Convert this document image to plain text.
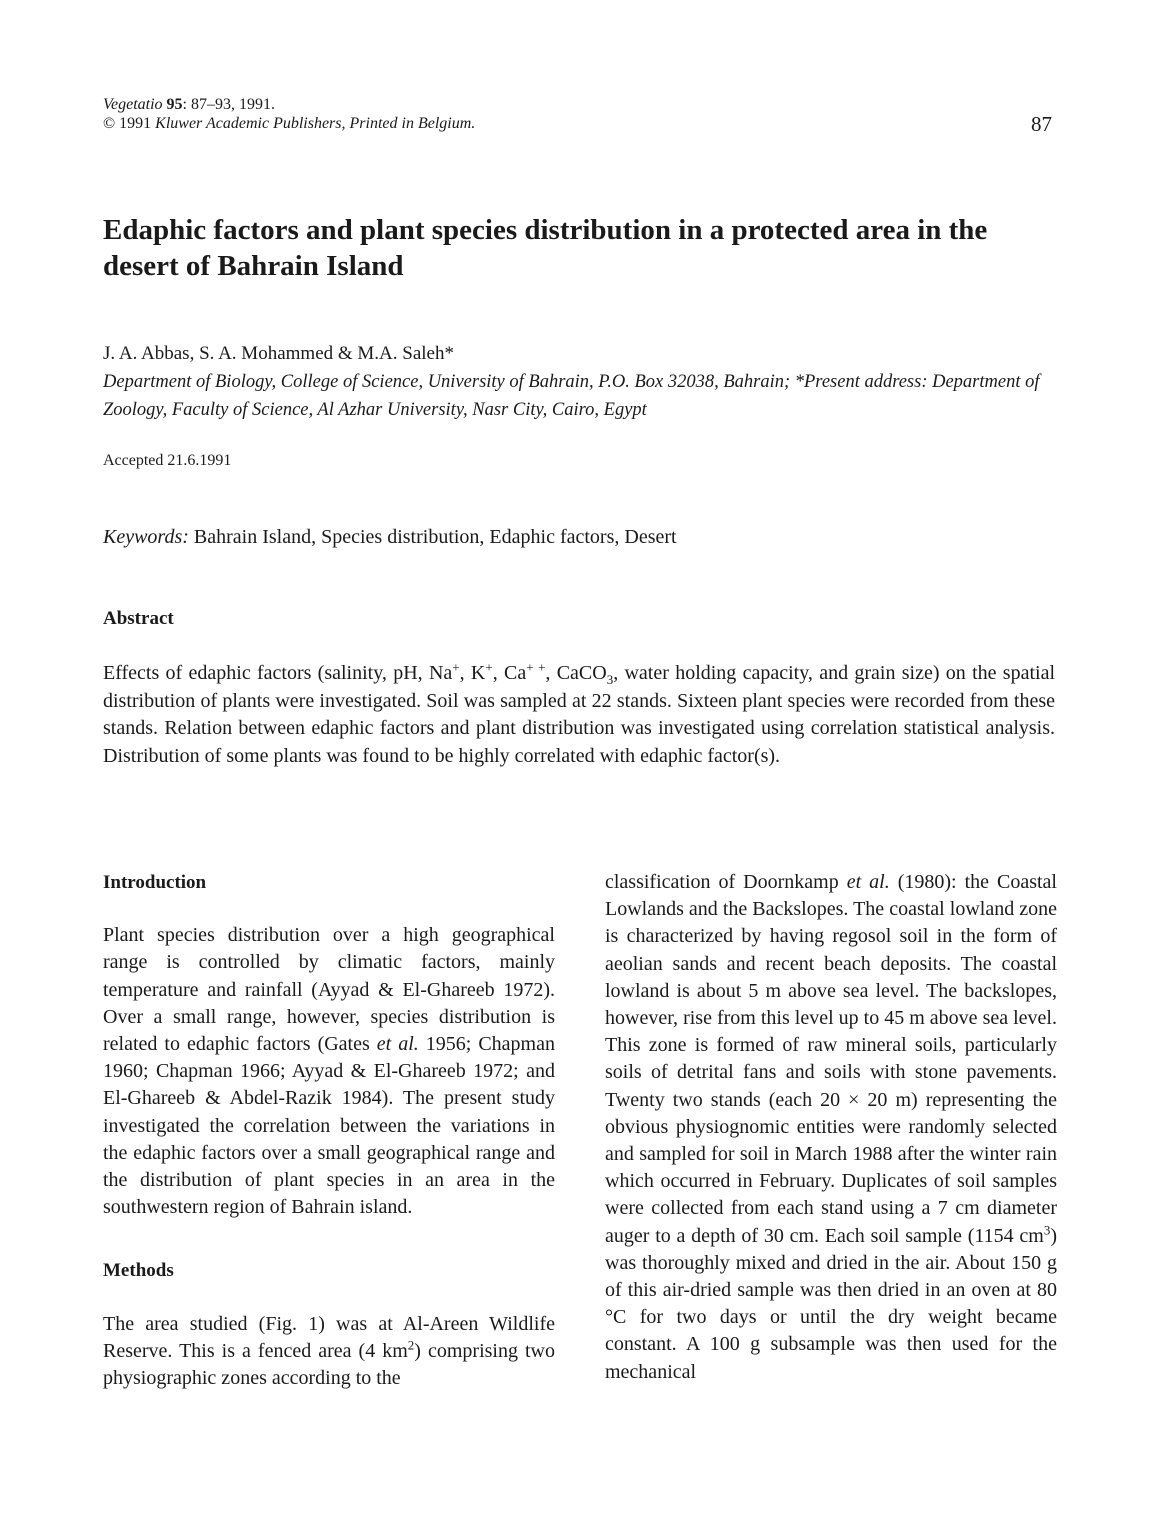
Vegetatio 95: 87–93, 1991.
© 1991 Kluwer Academic Publishers, Printed in Belgium.	87
Edaphic factors and plant species distribution in a protected area in the desert of Bahrain Island
J. A. Abbas, S. A. Mohammed & M.A. Saleh*
Department of Biology, College of Science, University of Bahrain, P.O. Box 32038, Bahrain; *Present address: Department of Zoology, Faculty of Science, Al Azhar University, Nasr City, Cairo, Egypt
Accepted 21.6.1991
Keywords: Bahrain Island, Species distribution, Edaphic factors, Desert
Abstract

Effects of edaphic factors (salinity, pH, Na+, K+, Ca+ +, CaCO$_3$, water holding capacity, and grain size) on the spatial distribution of plants were investigated. Soil was sampled at 22 stands. Sixteen plant species were recorded from these stands. Relation between edaphic factors and plant distribution was investigated using correlation statistical analysis. Distribution of some plants was found to be highly correlated with edaphic factor(s).

Introduction

Plant species distribution over a high geographical range is controlled by climatic factors, mainly temperature and rainfall (Ayyad & El-Ghareeb 1972). Over a small range, however, species distribution is related to edaphic factors (Gates et al. 1956; Chapman 1960; Chapman 1966; Ayyad & El-Ghareeb 1972; and El-Ghareeb & Abdel-Razik 1984). The present study investigated the correlation between the variations in the edaphic factors over a small geographical range and the distribution of plant species in an area in the southwestern region of Bahrain island.

Methods

The area studied (Fig. 1) was at Al-Areen Wildlife Reserve. This is a fenced area (4 $km^2$) comprising two physiographic zones according to the

classification of Doornkamp et al. (1980): the Coastal Lowlands and the Backslopes. The coastal lowland zone is characterized by having regosol soil in the form of aeolian sands and recent beach deposits. The coastal lowland is about 5 m above sea level. The backslopes, however, rise from this level up to 45 m above sea level. This zone is formed of raw mineral soils, particularly soils of detrital fans and soils with stone pavements. Twenty two stands (each 20 × 20 m) representing the obvious physiognomic entities were randomly selected and sampled for soil in March 1988 after the winter rain which occurred in February. Duplicates of soil samples were collected from each stand using a 7 cm diameter auger to a depth of 30 cm. Each soil sample (1154 $cm^3$) was thoroughly mixed and dried in the air. About 150 g of this air-dried sample was then dried in an oven at 80 °C for two days or until the dry weight became constant. A 100 g subsample was then used for the mechanical
